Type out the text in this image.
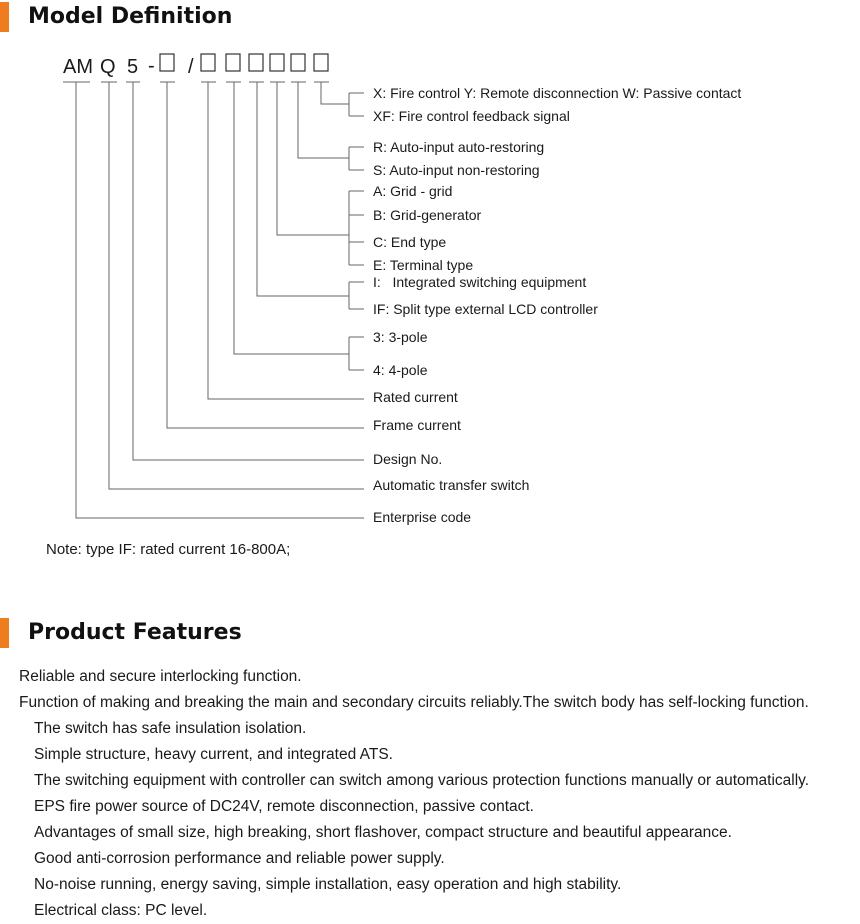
Model Definition
AM Q 5 - /
X: Fire control Y: Remote disconnection W: Passive contact
XF: Fire control feedback signal
R: Auto-input auto-restoring
S: Auto-input non-restoring
A: Grid - grid
B: Grid-generator
C: End type
E: Terminal type
I:   Integrated switching equipment
IF: Split type external LCD controller
3: 3-pole
4: 4-pole
Rated current
Frame current
Design No.
Automatic transfer switch
Enterprise code

Note: type IF: rated current 16-800A;

Product Features
Reliable and secure interlocking function.
Function of making and breaking the main and secondary circuits reliably.The switch body has self-locking function.
The switch has safe insulation isolation.
Simple structure, heavy current, and integrated ATS.
The switching equipment with controller can switch among various protection functions manually or automatically.
EPS fire power source of DC24V, remote disconnection, passive contact.
Advantages of small size, high breaking, short flashover, compact structure and beautiful appearance.
Good anti-corrosion performance and reliable power supply.
No-noise running, energy saving, simple installation, easy operation and high stability.
Electrical class: PC level.
